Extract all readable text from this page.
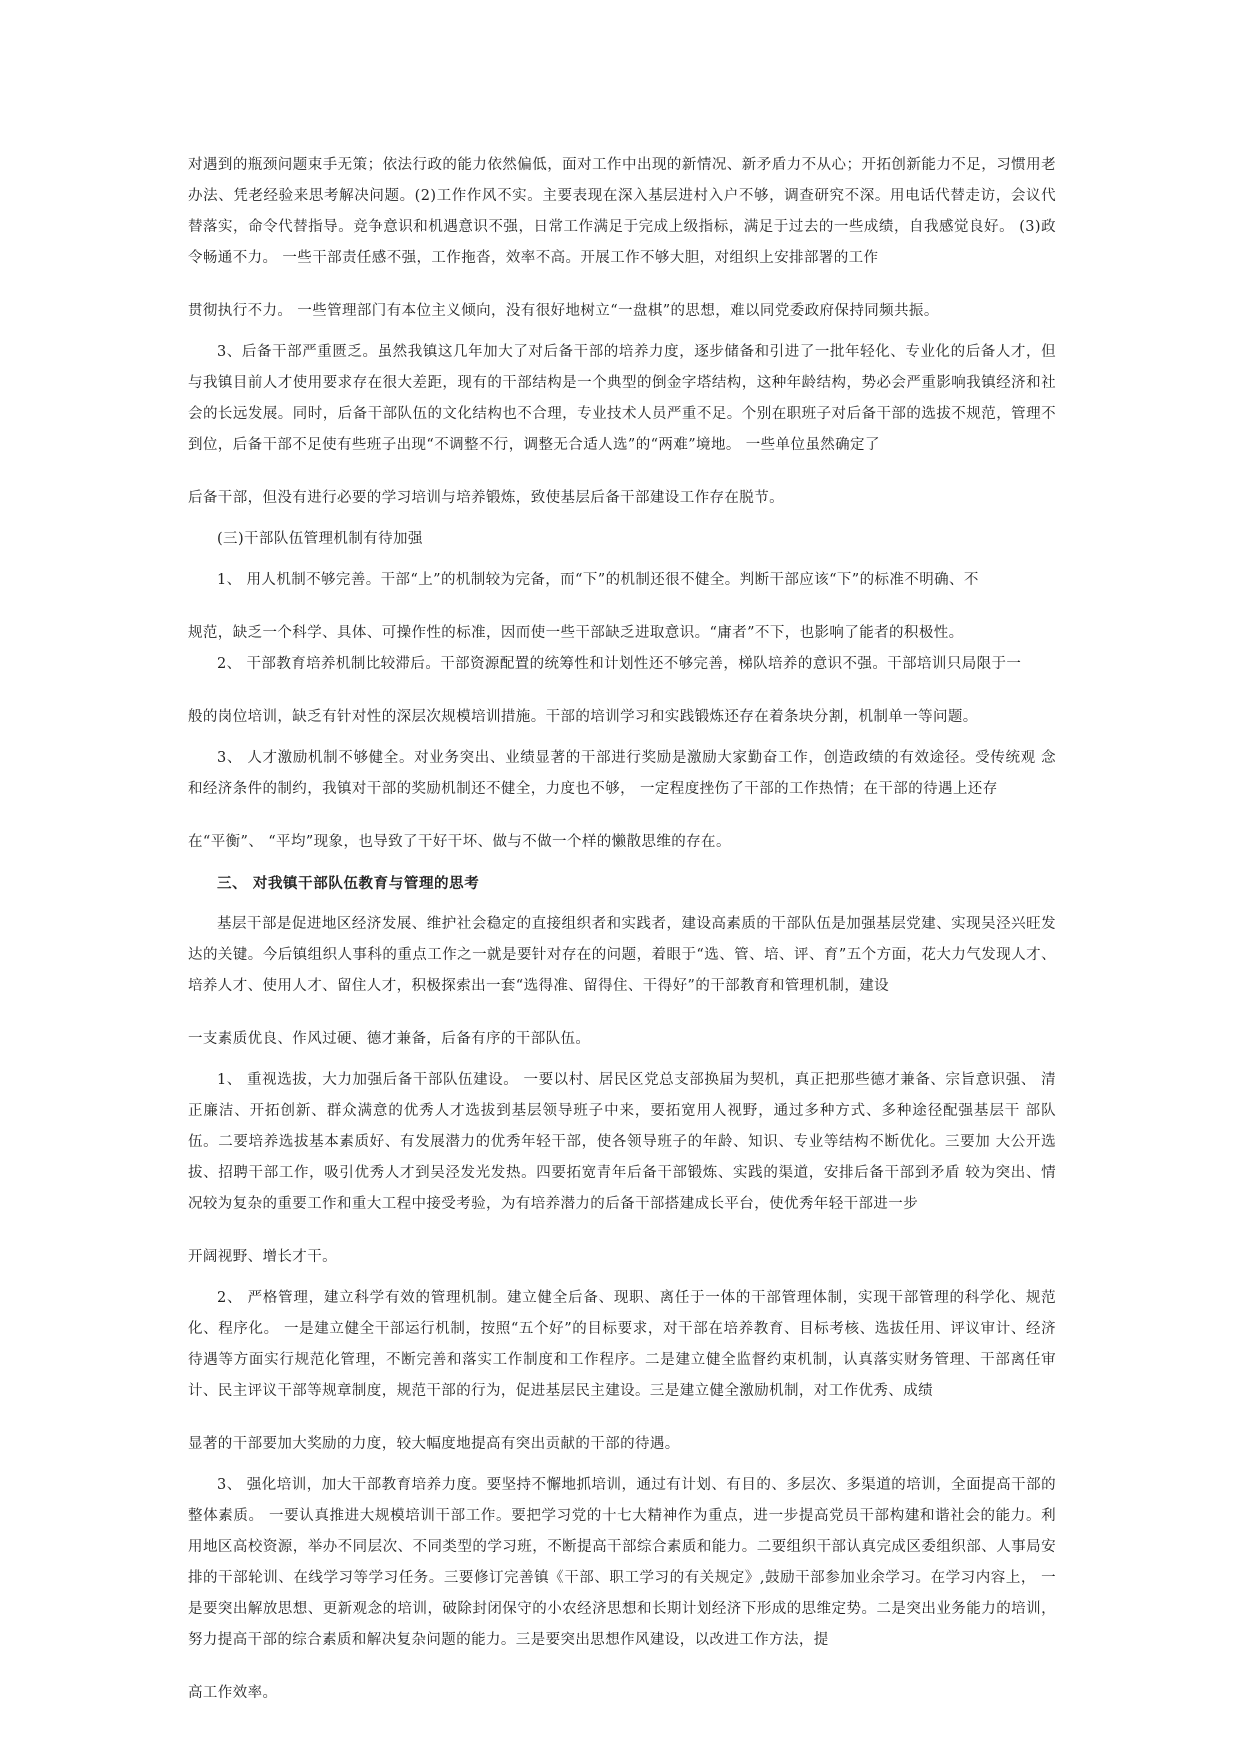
对遇到的瓶颈问题束手无策；依法行政的能力依然偏低，面对工作中出现的新情况、新矛盾力不从心；开拓创新能力不足，习惯用老办法、凭老经验来思考解决问题。(2)工作作风不实。主要表现在深入基层进村入户不够，调查研究不深。用电话代替走访，会议代替落实，命令代替指导。竞争意识和机遇意识不强，日常工作满足于完成上级指标，满足于过去的一些成绩，自我感觉良好。 (3)政令畅通不力。 一些干部责任感不强，工作拖沓，效率不高。开展工作不够大胆，对组织上安排部署的工作

贯彻执行不力。 一些管理部门有本位主义倾向，没有很好地树立“一盘棋”的思想，难以同党委政府保持同频共振。

3、后备干部严重匮乏。虽然我镇这几年加大了对后备干部的培养力度，逐步储备和引进了一批年轻化、专业化的后备人才，但与我镇目前人才使用要求存在很大差距，现有的干部结构是一个典型的倒金字塔结构，这种年龄结构，势必会严重影响我镇经济和社会的长远发展。同时，后备干部队伍的文化结构也不合理，专业技术人员严重不足。个别在职班子对后备干部的选拔不规范，管理不到位，后备干部不足使有些班子出现“不调整不行，调整无合适人选”的“两难”境地。 一些单位虽然确定了

后备干部，但没有进行必要的学习培训与培养锻炼，致使基层后备干部建设工作存在脱节。

(三)干部队伍管理机制有待加强

1、 用人机制不够完善。干部“上”的机制较为完备，而“下”的机制还很不健全。判断干部应该“下”的标准不明确、不

规范，缺乏一个科学、具体、可操作性的标准，因而使一些干部缺乏进取意识。“庸者”不下，也影响了能者的积极性。

2、 干部教育培养机制比较滞后。干部资源配置的统筹性和计划性还不够完善，梯队培养的意识不强。干部培训只局限于一

般的岗位培训，缺乏有针对性的深层次规模培训措施。干部的培训学习和实践锻炼还存在着条块分割，机制单一等问题。

3、 人才激励机制不够健全。对业务突出、业绩显著的干部进行奖励是激励大家勤奋工作，创造政绩的有效途径。受传统观 念和经济条件的制约，我镇对干部的奖励机制还不健全，力度也不够， 一定程度挫伤了干部的工作热情；在干部的待遇上还存

在“平衡”、 “平均”现象，也导致了干好干坏、做与不做一个样的懒散思维的存在。

三、 对我镇干部队伍教育与管理的思考

基层干部是促进地区经济发展、维护社会稳定的直接组织者和实践者，建设高素质的干部队伍是加强基层党建、实现吴泾兴旺发达的关键。今后镇组织人事科的重点工作之一就是要针对存在的问题，着眼于“选、管、培、评、育”五个方面，花大力气发现人才、培养人才、使用人才、留住人才，积极探索出一套“选得准、留得住、干得好”的干部教育和管理机制，建设

一支素质优良、作风过硬、德才兼备，后备有序的干部队伍。

1、 重视选拔，大力加强后备干部队伍建设。 一要以村、居民区党总支部换届为契机，真正把那些德才兼备、宗旨意识强、 清正廉洁、开拓创新、群众满意的优秀人才选拔到基层领导班子中来，要拓宽用人视野，通过多种方式、多种途径配强基层干 部队伍。二要培养选拔基本素质好、有发展潜力的优秀年轻干部，使各领导班子的年龄、知识、专业等结构不断优化。三要加 大公开选拔、招聘干部工作，吸引优秀人才到吴泾发光发热。四要拓宽青年后备干部锻炼、实践的渠道，安排后备干部到矛盾 较为突出、情况较为复杂的重要工作和重大工程中接受考验，为有培养潜力的后备干部搭建成长平台，使优秀年轻干部进一步

开阔视野、增长才干。

2、 严格管理，建立科学有效的管理机制。建立健全后备、现职、离任于一体的干部管理体制，实现干部管理的科学化、规范化、程序化。 一是建立健全干部运行机制，按照“五个好”的目标要求，对干部在培养教育、目标考核、选拔任用、评议审计、经济待遇等方面实行规范化管理，不断完善和落实工作制度和工作程序。二是建立健全监督约束机制，认真落实财务管理、干部离任审计、民主评议干部等规章制度，规范干部的行为，促进基层民主建设。三是建立健全激励机制，对工作优秀、成绩

显著的干部要加大奖励的力度，较大幅度地提高有突出贡献的干部的待遇。

3、 强化培训，加大干部教育培养力度。要坚持不懈地抓培训，通过有计划、有目的、多层次、多渠道的培训，全面提高干部的整体素质。 一要认真推进大规模培训干部工作。要把学习党的十七大精神作为重点，进一步提高党员干部构建和谐社会的能力。利用地区高校资源，举办不同层次、不同类型的学习班，不断提高干部综合素质和能力。二要组织干部认真完成区委组织部、人事局安排的干部轮训、在线学习等学习任务。三要修订完善镇《干部、职工学习的有关规定》,鼓励干部参加业余学习。在学习内容上， 一是要突出解放思想、更新观念的培训，破除封闭保守的小农经济思想和长期计划经济下形成的思维定势。二是突出业务能力的培训，努力提高干部的综合素质和解决复杂问题的能力。三是要突出思想作风建设，以改进工作方法，提

高工作效率。
